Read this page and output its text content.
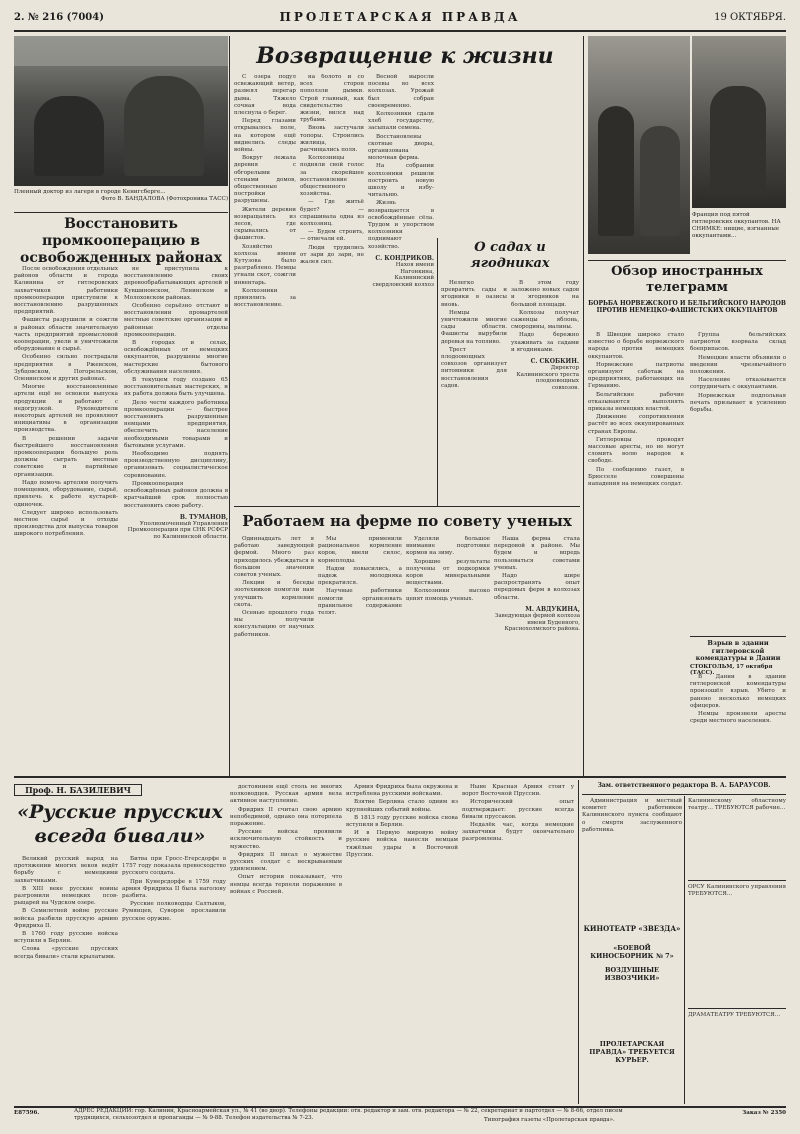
2. № 216 (7004)	ПРОЛЕТАРСКАЯ ПРАВДА	19 ОКТЯБРЯ.
Пленный доктор из лагеря в городе Кенигсберге...
Фото В. БАНДАЛОВА (Фотохроника ТАСС)
Восстановить промкооперацию в освобожденных районах

После освобождения отдельных районов области и города Калинина от гитлеровских захватчиков работники промкооперации приступили к восстановлению разрушенных предприятий.

Фашисты разрушили и сожгли в районах области значительную часть предприятий промысловой кооперации, увели и уничтожили оборудование и сырьё.

Особенно сильно пострадали предприятия в Ржевском, Зубцовском, Погорельском, Оленинском и других районах.

Многие восстановленные артели ещё не освоили выпуска продукции и работают с недогрузкой. Руководители некоторых артелей не проявляют инициативы в организации производства.

В решении задачи быстрейшего восстановления промкооперации большую роль должны сыграть местные советские и партийные организации.

Надо помочь артелям получить помещения, оборудование, сырьё, привлечь к работе кустарей-одиночек.

Следует широко использовать местное сырьё и отходы производства для выпуска товаров широкого потребления.

не приступила к восстановлению своих деревообрабатывающих артелей в Кувшиновском, Ленинском и Молоховском районах.

Особенно серьёзно отстают в восстановлении промартелей местные советские организации и районные отделы промкооперации.

В городах и селах, освобождённых от немецких оккупантов, разрушены многие мастерские бытового обслуживания населения.

В текущем году создано 65 восстановительных мастерских, и их работа должна быть улучшена.

Дело чести каждого работника промкооперации — быстрее восстановить разрушенные немцами предприятия, обеспечить население необходимыми товарами и бытовыми услугами.

Необходимо поднять производственную дисциплину, организовать социалистическое соревнование.

Промкооперация освобождённых районов должна в кратчайший срок полностью восстановить свою работу.

В. ТУМАНОВ,
Уполномоченный Управления Промкооперации при СНК РСФСР по Калининской области.
Возвращение к жизни

С озера подул освежающий ветер, развеял перегар дыма. Тяжело сочная вода плеснула о берег.

Перед глазами открывалось поле, на котором ещё виднелись следы войны.

Вокруг лежала деревня с обгорелыми стенами домов, общественные постройки разрушены.

Жители деревни возвращались из лесов, где скрывались от фашистов.

Хозяйство колхоза имени Кутузова было разграблено. Немцы угнали скот, сожгли инвентарь.

Колхозники принялись за восстановление.

на болото и со всех сторон поползли дымки. Строй главный, как свидетельство жизни, вился над трубами.

Вновь застучали топоры. Строились жилища, расчищались поля.

Колхозницы подняли свой голос за скорейшее восстановление общественного хозяйства.

— Где житьё будет? — спрашивала одна из колхозниц.

— Будем строить, — отвечали ей.

Люди трудились от зари до зари, не жалея сил.

Весной выросли посевы во всех колхозах. Урожай был собран своевременно.

Колхозники сдали хлеб государству, засыпали семена.

Восстановлены скотные дворы, организована молочная ферма.

На собрании колхозники решили построить новую школу и избу-читальню.

Жизнь возвращается в освобождённые сёла. Трудом и упорством колхозники поднимают хозяйство.

С. КОНДРИКОВ.
Нахоя имени Нагонкина, Калининский свердловский колхоз
О садах и ягодниках

Нелегко превратить сады и ягодники в оазисы вновь.

Немцы уничтожили многие сады области. Фашисты вырубили деревья на топливо.

Трест плодоовощных совхозов организует питомники для восстановления садов.

В этом году заложено новых садов и ягодников на большой площади.

Колхозы получат саженцы яблонь, смородины, малины.

Надо бережно ухаживать за садами и ягодниками.

С. СКОБКИН.
Директор Калининского треста плодоовощных совхозов.
Работаем на ферме по совету ученых

Одиннадцать лет я работаю заведующей фермой. Много раз приходилось убеждаться в большом значении советов ученых.

Лекции и беседы зоотехников помогли нам улучшить кормление скота.

Осенью прошлого года мы получили консультацию от научных работников.

Мы применили рациональное кормление коров, ввели силос, корнеплоды.

Надои повысились, а падеж молодняка прекратился.

Научные работники помогли организовать правильное содержание телят.

Уделяли большое внимание подготовке кормов на зиму.

Хорошие результаты получены от подкормки коров минеральными веществами.

Колхозники высоко ценят помощь ученых.

Наша ферма стала передовой в районе. Мы будем и впредь пользоваться советами ученых.

Надо шире распространять опыт передовых ферм в колхозах области.

М. АВДУКИНА,
Заведующая фермой колхоза имени Буденного, Краснохолмского района.
Франция под пятой гитлеровских оккупантов. НА СНИМКЕ: нищие, изгнанные оккупантами...
Обзор иностранных телеграмм
БОРЬБА НОРВЕЖСКОГО И БЕЛЬГИЙСКОГО НАРОДОВ ПРОТИВ НЕМЕЦКО-ФАШИСТСКИХ ОККУПАНТОВ

В Швеции широко стало известно о борьбе норвежского народа против немецких оккупантов.

Норвежские патриоты организуют саботаж на предприятиях, работающих на Германию.

Бельгийские рабочие отказываются выполнять приказы немецких властей.

Движение сопротивления растёт во всех оккупированных странах Европы.

Гитлеровцы проводят массовые аресты, но не могут сломить волю народов к свободе.

По сообщению газет, в Брюсселе совершены нападения на немецких солдат.

Группа бельгийских патриотов взорвала склад боеприпасов.

Немецкие власти объявили о введении чрезвычайного положения.

Население отказывается сотрудничать с оккупантами.

Норвежская подпольная печать призывает к усилению борьбы.

Взрыв в здании гитлеровской комендатуры в Дании
СТОКГОЛЬМ, 17 октября (ТАСС).

В Дании в здании гитлеровской комендатуры произошёл взрыв. Убито и ранено несколько немецких офицеров.

Немцы произвели аресты среди местного населения.

Проф. Н. БАЗИЛЕВИЧ
«Русские прусских всегда бивали»

Великий русский народ на протяжении многих веков ведёт борьбу с немецкими захватчиками.

В XIII веке русские воины разгромили немецких псов-рыцарей на Чудском озере.

В Семилетней войне русские войска разбили прусскую армию Фридриха II.

В 1760 году русские войска вступили в Берлин.

Слова «русские прусских всегда бивали» стали крылатыми.

Битва при Гросс-Егерсдорфе в 1757 году показала превосходство русского солдата.

При Кунерсдорфе в 1759 году армия Фридриха II была наголову разбита.

Русские полководцы Салтыков, Румянцев, Суворов прославили русское оружие.

достоянием ещё столь не многих полководцев. Русская армия вела активное наступление.

Фридрих II считал свою армию непобедимой, однако она потерпела поражение.

Русские войска проявили исключительную стойкость и мужество.

Фридрих II писал о мужестве русских солдат с нескрываемым удивлением.

Опыт истории показывает, что немцы всегда терпели поражение в войнах с Россией.

Армия Фридриха была окружена и истреблена русскими войсками.

Взятие Берлина стало одним из крупнейших событий войны.

В 1813 году русские войска снова вступили в Берлин.

И в Первую мировую войну русские войска нанесли немцам тяжёлые удары в Восточной Пруссии.

Ныне Красная Армия стоит у ворот Восточной Пруссии.

Исторический опыт подтверждает: русские всегда бивали пруссаков.

Недалёк час, когда немецкие захватчики будут окончательно разгромлены.

Зам. ответственного редактора В. А. БАРАУСОВ.

Администрация и местный комитет работников Калининского пункта сообщают о смерти заслуженного работника.

КИНОТЕАТР «ЗВЕЗДА»
«БОЕВОЙ КИНОСБОРНИК № 7»
ВОЗДУШНЫЕ ИЗВОЗЧИКИ»
ПРОЛЕТАРСКАЯ ПРАВДА» ТРЕБУЕТСЯ КУРЬЕР.
Калининскому областному театру... ТРЕБУЮТСЯ рабочие...
ОРСУ Калининского управления ТРЕБУЮТСЯ...
ДРАМАТЕАТРУ ТРЕБУЮТСЯ...
Е87596.	АДРЕС РЕДАКЦИИ: гор. Калинин, Красноармейская ул., № 41 (во двор). Телефоны редакции: отв. редактор и зам. отв. редактора — № 22, секретариат и партотдел — № 8-66, отдел писем трудящихся, сельхозотдел и пропаганды — № 9-88. Телефон издательства № 7-23.	Типография газеты «Пролетарская правда».
Заказ № 2350
